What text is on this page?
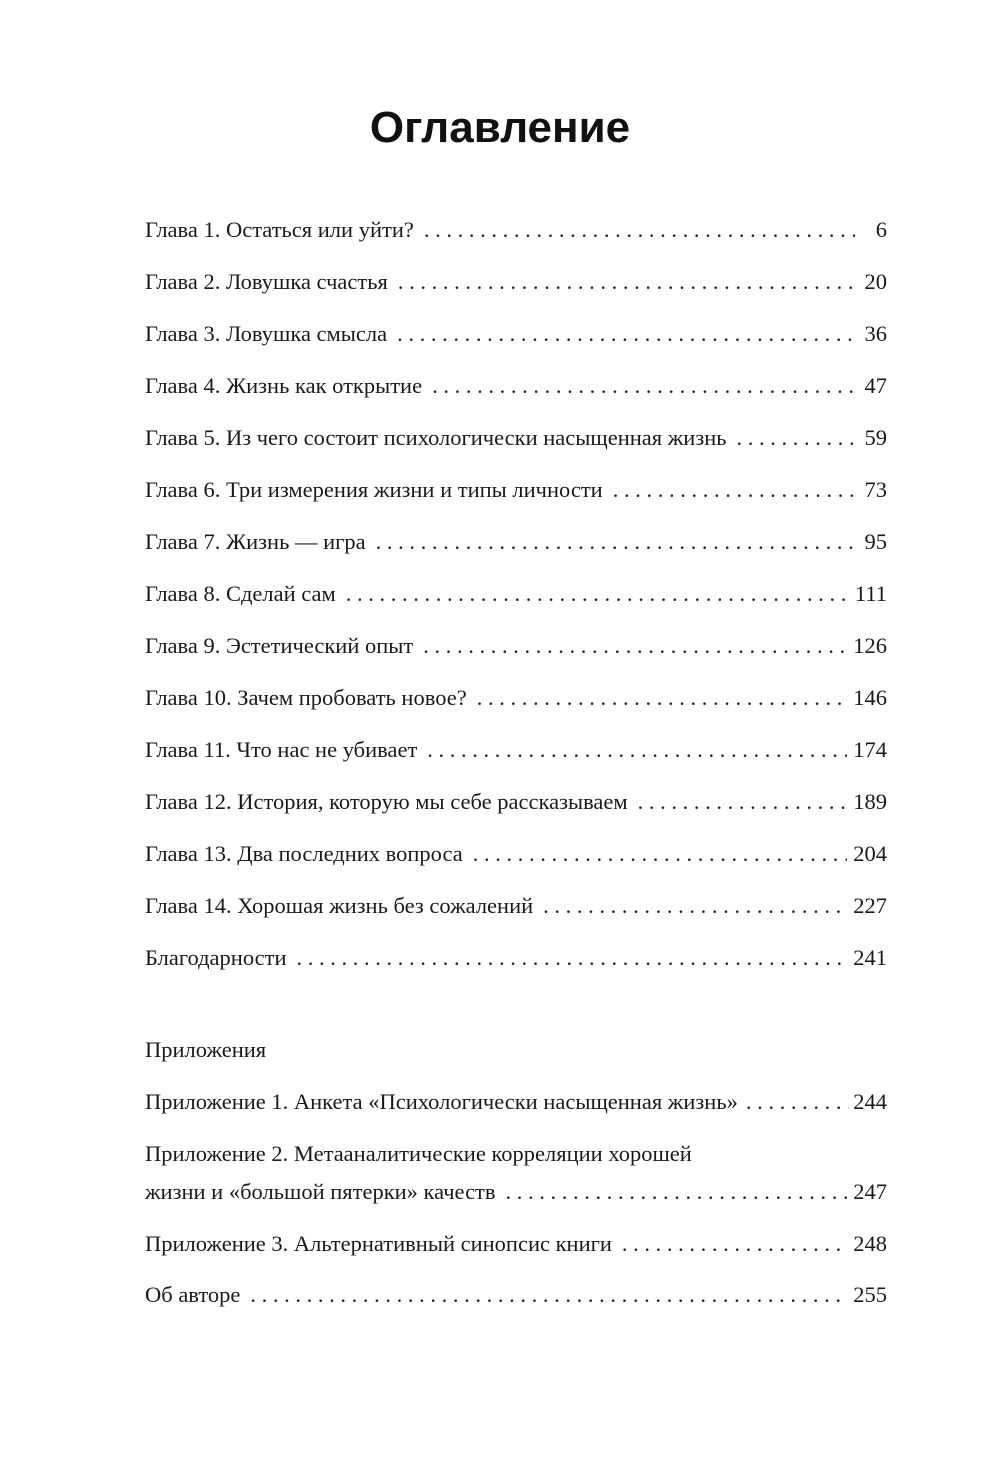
Оглавление
Глава 1. Остаться или уйти? . . .	6
Глава 2. Ловушка счастья . . .	20
Глава 3. Ловушка смысла . . .	36
Глава 4. Жизнь как открытие . . .	47
Глава 5. Из чего состоит психологически насыщенная жизнь . . .	59
Глава 6. Три измерения жизни и типы личности . . .	73
Глава 7. Жизнь — игра . . .	95
Глава 8. Сделай сам . . .	111
Глава 9. Эстетический опыт . . .	126
Глава 10. Зачем пробовать новое? . . .	146
Глава 11. Что нас не убивает . . .	174
Глава 12. История, которую мы себе рассказываем . . .	189
Глава 13. Два последних вопроса . . .	204
Глава 14. Хорошая жизнь без сожалений . . .	227
Благодарности . . .	241
Приложения
Приложение 1. Анкета «Психологически насыщенная жизнь» . . .	244
Приложение 2. Метааналитические корреляции хорошей
жизни и «большой пятерки» качеств . . .	247
Приложение 3. Альтернативный синопсис книги . . .	248
Об авторе . . .	255
